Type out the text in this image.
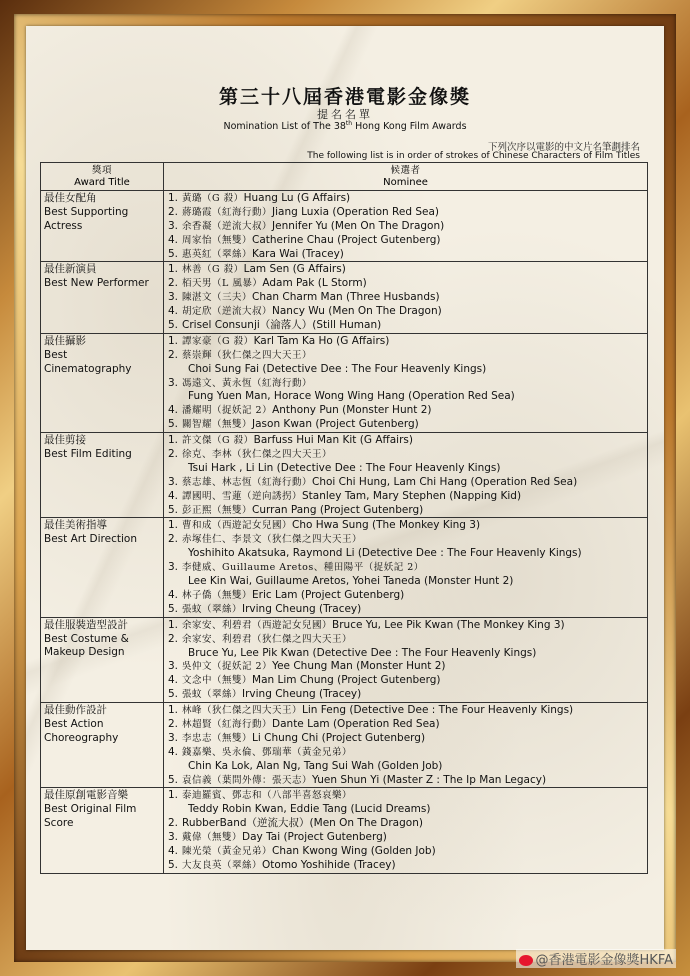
第三十八屆香港電影金像獎
提名名單
Nomination List of The 38th Hong Kong Film Awards
下列次序以電影的中文片名筆劃排名
The following list is in order of strokes of Chinese Characters of Film Titles
獎項
Award Title
候選者
Nominee
最佳女配角
Best Supporting
Actress
1. 黃璐（G 殺）Huang Lu (G Affairs)
2. 蔣璐霞（紅海行動）Jiang Luxia (Operation Red Sea)
3. 余香凝（逆流大叔）Jennifer Yu (Men On The Dragon)
4. 周家怡（無雙）Catherine Chau (Project Gutenberg)
5. 惠英紅（翠絲）Kara Wai (Tracey)
最佳新演員
Best New Performer
1. 林善（G 殺）Lam Sen (G Affairs)
2. 栢天男（L 風暴）Adam Pak (L Storm)
3. 陳湛文（三夫）Chan Charm Man (Three Husbands)
4. 胡定欣（逆流大叔）Nancy Wu (Men On The Dragon)
5. Crisel Consunji（淪落人）(Still Human)
最佳攝影
Best
Cinematography
1. 譚家豪（G 殺）Karl Tam Ka Ho (G Affairs)
2. 蔡崇輝（狄仁傑之四大天王）
Choi Sung Fai (Detective Dee : The Four Heavenly Kings)
3. 馮遠文、黃永恆（紅海行動）
Fung Yuen Man, Horace Wong Wing Hang (Operation Red Sea)
4. 潘耀明（捉妖記 2）Anthony Pun (Monster Hunt 2)
5. 關智耀（無雙）Jason Kwan (Project Gutenberg)
最佳剪接
Best Film Editing
1. 許文傑（G 殺）Barfuss Hui Man Kit (G Affairs)
2. 徐克、李林（狄仁傑之四大天王）
Tsui Hark , Li Lin (Detective Dee : The Four Heavenly Kings)
3. 蔡志雄、林志恆（紅海行動）Choi Chi Hung, Lam Chi Hang (Operation Red Sea)
4. 譚國明、雪蓮（逆向誘拐）Stanley Tam, Mary Stephen (Napping Kid)
5. 彭正熙（無雙）Curran Pang (Project Gutenberg)
最佳美術指導
Best Art Direction
1. 曹和成（西遊記女兒國）Cho Hwa Sung (The Monkey King 3)
2. 赤塚佳仁、李景文（狄仁傑之四大天王）
Yoshihito Akatsuka, Raymond Li (Detective Dee : The Four Heavenly Kings)
3. 李健威、Guillaume Aretos、種田陽平（捉妖記 2）
Lee Kin Wai, Guillaume Aretos, Yohei Taneda (Monster Hunt 2)
4. 林子僑（無雙）Eric Lam (Project Gutenberg)
5. 張蚊（翠絲）Irving Cheung (Tracey)
最佳服裝造型設計
Best Costume &
Makeup Design
1. 余家安、利碧君（西遊記女兒國）Bruce Yu, Lee Pik Kwan (The Monkey King 3)
2. 余家安、利碧君（狄仁傑之四大天王）
Bruce Yu, Lee Pik Kwan (Detective Dee : The Four Heavenly Kings)
3. 吳仲文（捉妖記 2）Yee Chung Man (Monster Hunt 2)
4. 文念中（無雙）Man Lim Chung (Project Gutenberg)
5. 張蚊（翠絲）Irving Cheung (Tracey)
最佳動作設計
Best Action
Choreography
1. 林峰（狄仁傑之四大天王）Lin Feng (Detective Dee : The Four Heavenly Kings)
2. 林超賢（紅海行動）Dante Lam (Operation Red Sea)
3. 李忠志（無雙）Li Chung Chi (Project Gutenberg)
4. 錢嘉樂、吳永倫、鄧瑞華（黃金兄弟）
Chin Ka Lok, Alan Ng, Tang Sui Wah (Golden Job)
5. 袁信義（葉問外傳：張天志）Yuen Shun Yi (Master Z : The Ip Man Legacy)
最佳原創電影音樂
Best Original Film
Score
1. 泰迪羅賓、鄧志和（八部半喜怒哀樂）
Teddy Robin Kwan, Eddie Tang (Lucid Dreams)
2. RubberBand（逆流大叔）(Men On The Dragon)
3. 戴偉（無雙）Day Tai (Project Gutenberg)
4. 陳光榮（黃金兄弟）Chan Kwong Wing (Golden Job)
5. 大友良英（翠絲）Otomo Yoshihide (Tracey)
@香港電影金像獎HKFA
